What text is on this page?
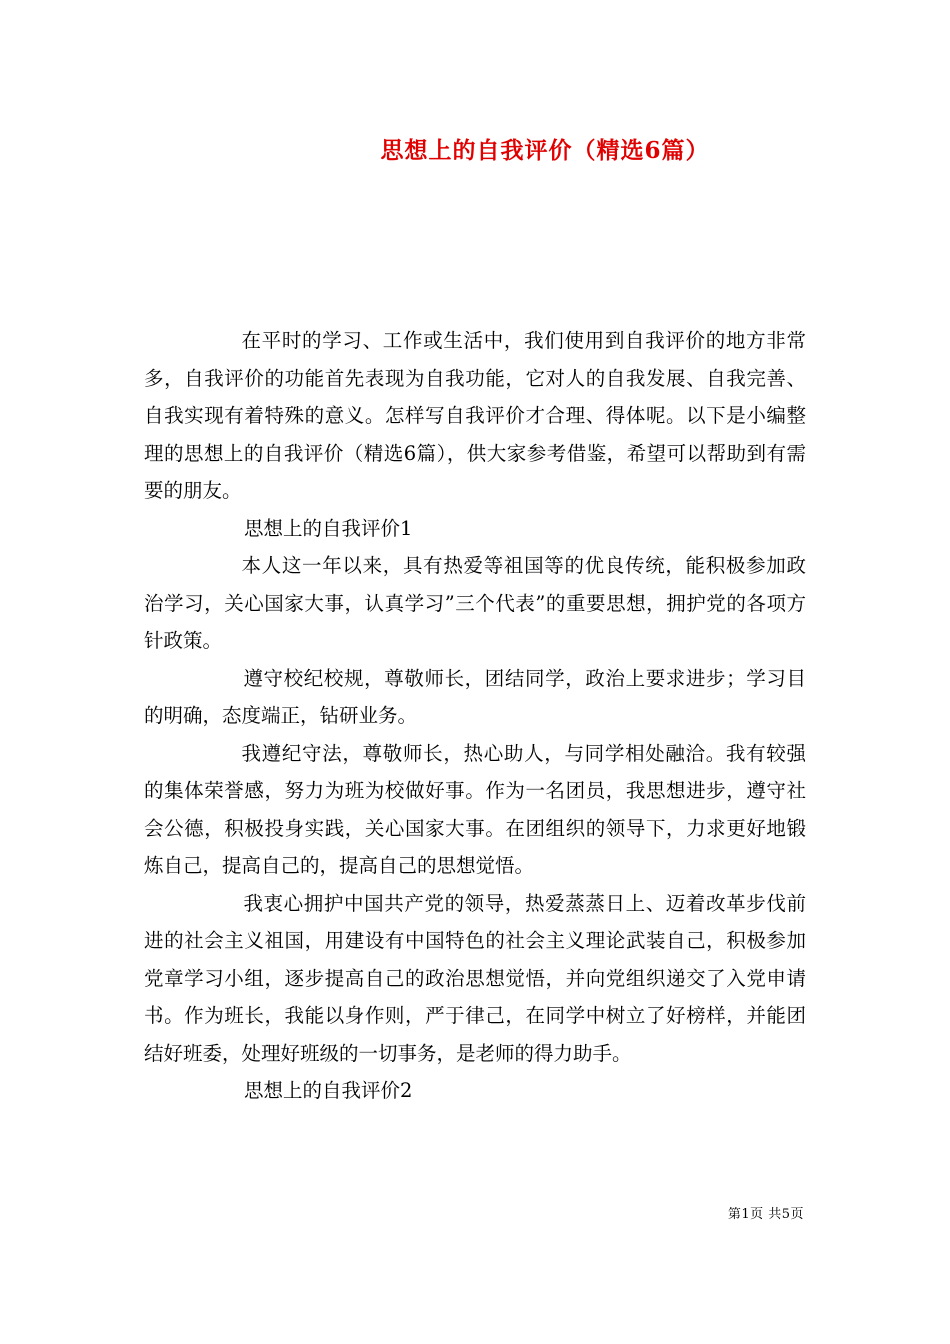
思想上的自我评价（精选6篇）

在平时的学习、工作或生活中，我们使用到自我评价的地方非常多，自我评价的功能首先表现为自我功能，它对人的自我发展、自我完善、自我实现有着特殊的意义。怎样写自我评价才合理、得体呢。以下是小编整理的思想上的自我评价（精选6篇），供大家参考借鉴，希望可以帮助到有需要的朋友。

思想上的自我评价1

本人这一年以来，具有热爱等祖国等的优良传统，能积极参加政治学习，关心国家大事，认真学习”三个代表”的重要思想，拥护党的各项方针政策。

遵守校纪校规，尊敬师长，团结同学，政治上要求进步；学习目的明确，态度端正，钻研业务。

我遵纪守法，尊敬师长，热心助人，与同学相处融洽。我有较强的集体荣誉感，努力为班为校做好事。作为一名团员，我思想进步，遵守社会公德，积极投身实践，关心国家大事。在团组织的领导下，力求更好地锻炼自己，提高自己的，提高自己的思想觉悟。

我衷心拥护中国共产党的领导，热爱蒸蒸日上、迈着改革步伐前进的社会主义祖国，用建设有中国特色的社会主义理论武装自己，积极参加党章学习小组，逐步提高自己的政治思想觉悟，并向党组织递交了入党申请书。作为班长，我能以身作则，严于律己，在同学中树立了好榜样，并能团结好班委，处理好班级的一切事务，是老师的得力助手。

思想上的自我评价2

第1页 共5页
